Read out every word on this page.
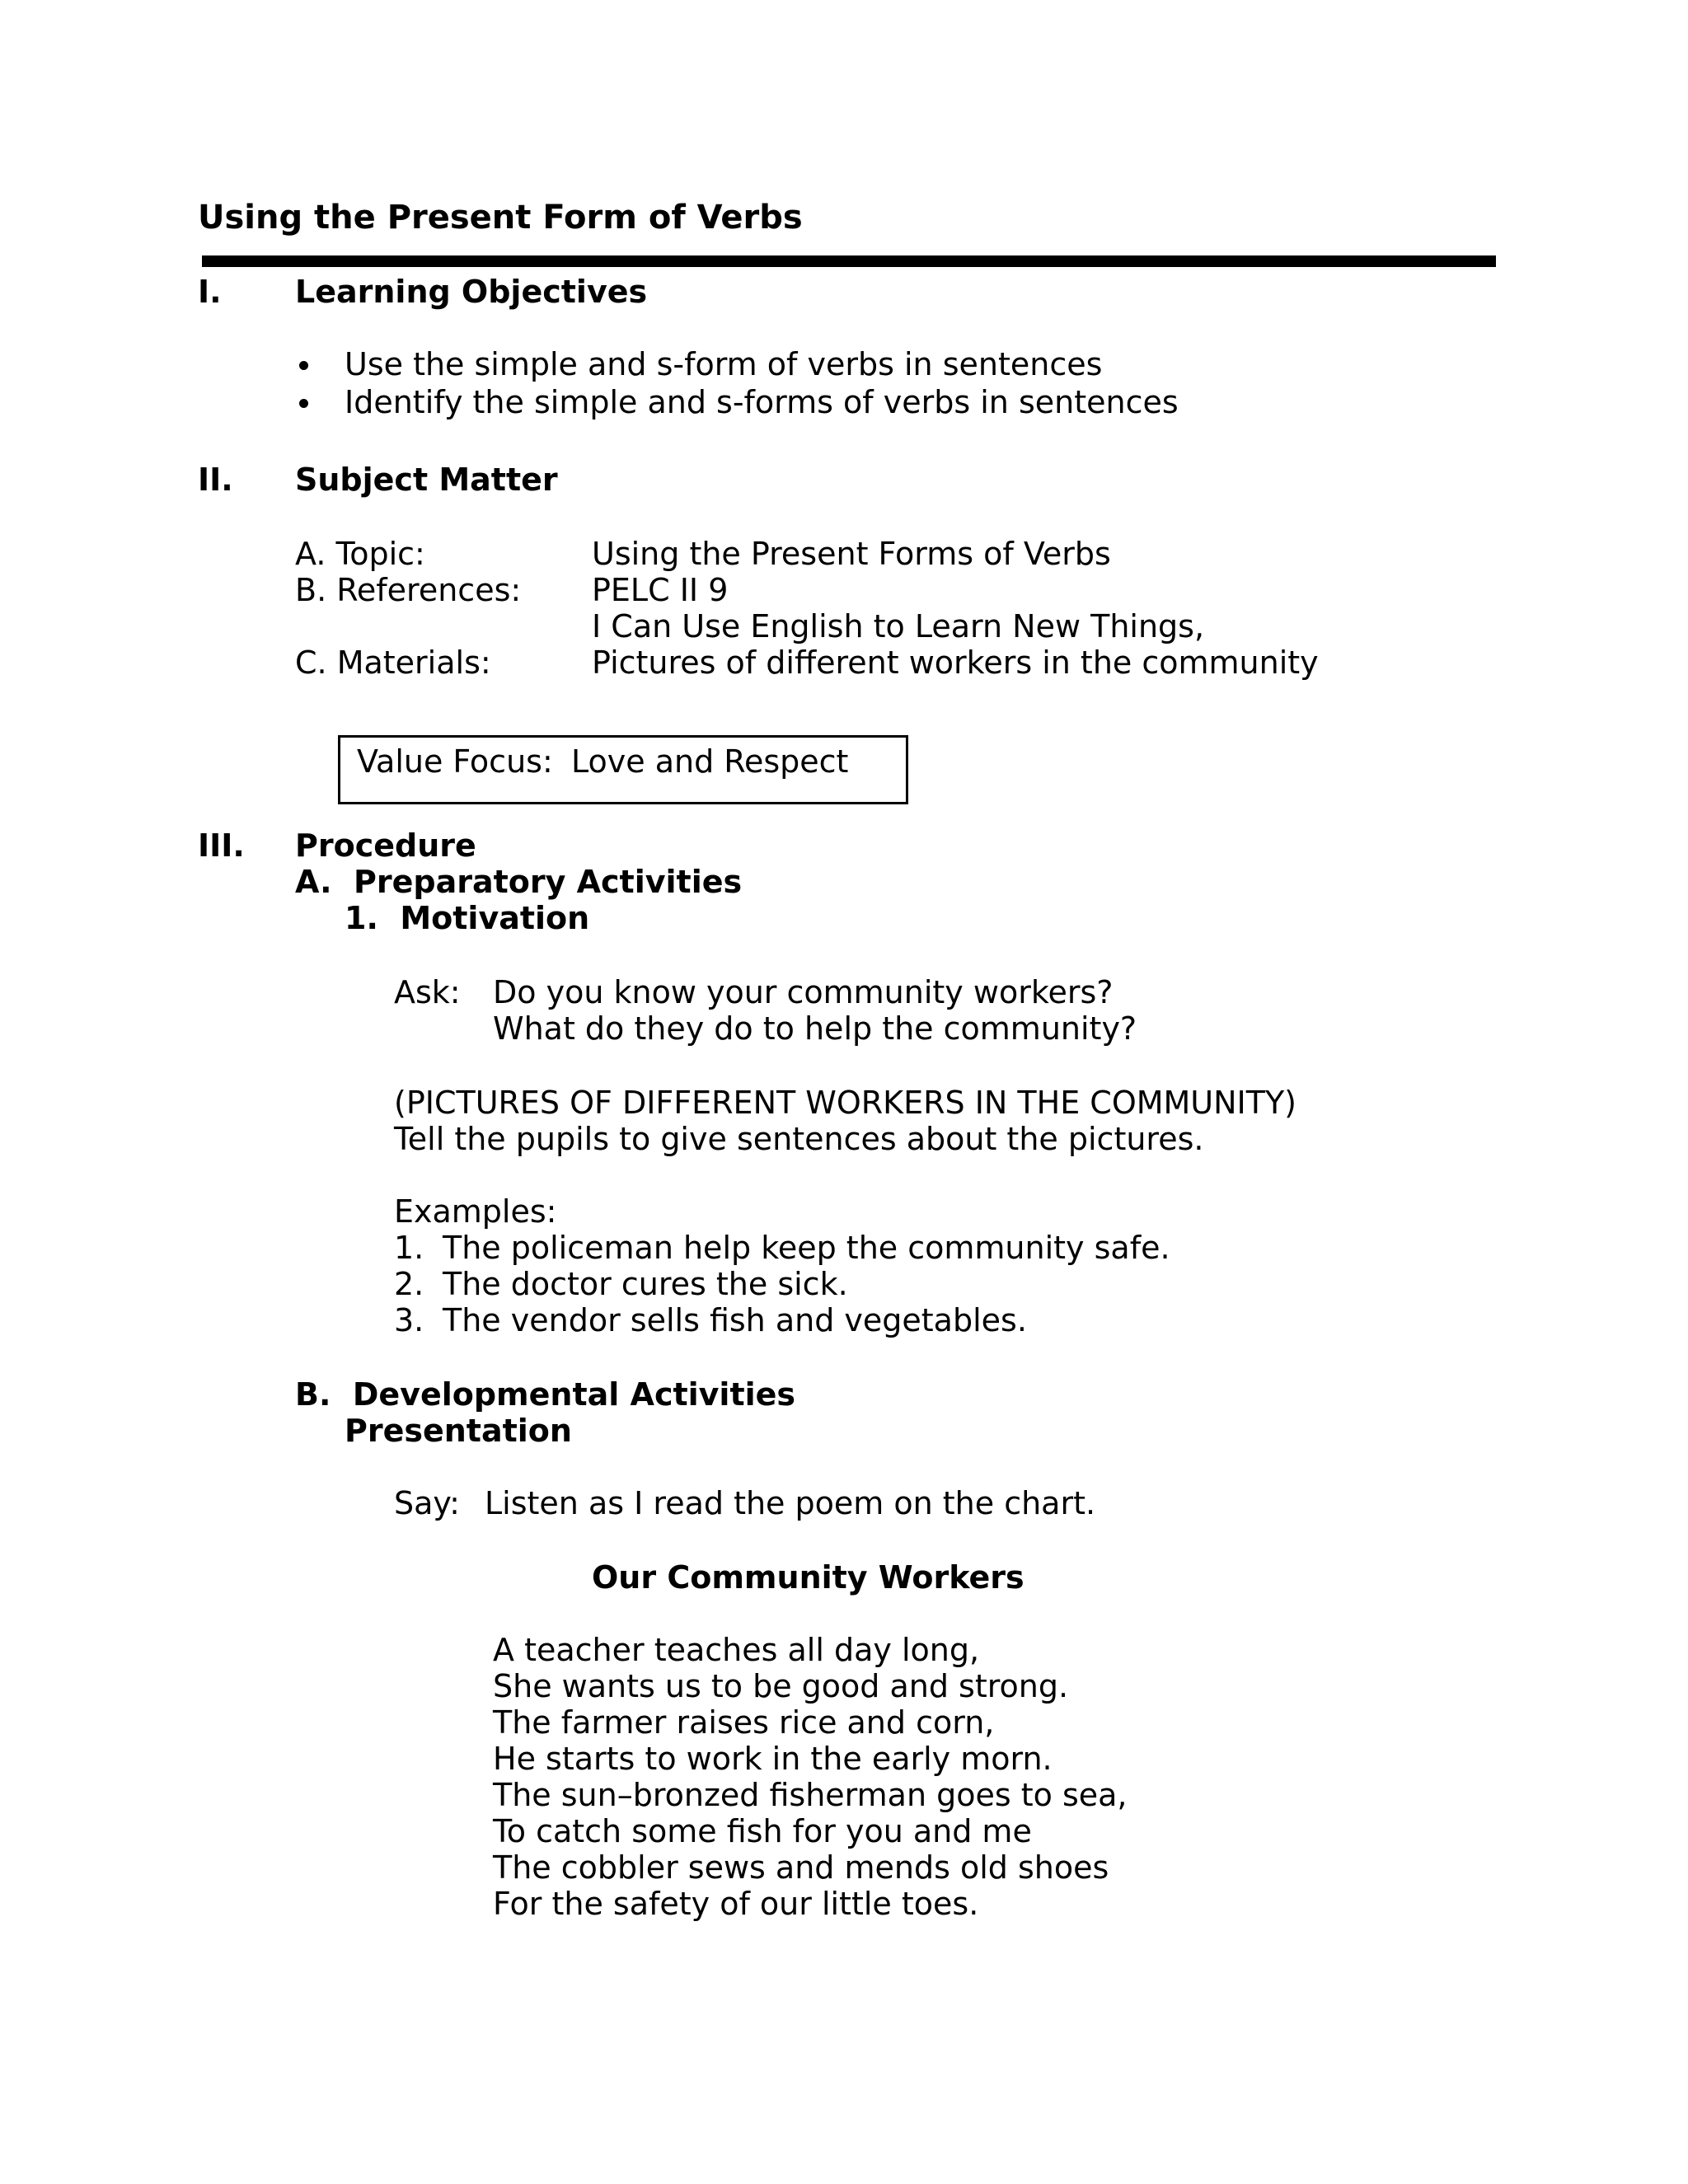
Using the Present Form of Verbs
I. Learning Objectives
Use the simple and s-form of verbs in sentences
Identify the simple and s-forms of verbs in sentences
II. Subject Matter
A. Topic:	Using the Present Forms of Verbs
B. References: PELC II 9
I Can Use English to Learn New Things,
C. Materials:	Pictures of different workers in the community
Value Focus: Love and Respect
III. Procedure
A.  Preparatory Activities
1.  Motivation
Ask: Do you know your community workers?
What do they do to help the community?
(PICTURES OF DIFFERENT WORKERS IN THE COMMUNITY)
Tell the pupils to give sentences about the pictures.
Examples:
1. The policeman help keep the community safe.
2. The doctor cures the sick.
3. The vendor sells fish and vegetables.
B.  Developmental Activities
Presentation
Say: Listen as I read the poem on the chart.
Our Community Workers
A teacher teaches all day long,
She wants us to be good and strong.
The farmer raises rice and corn,
He starts to work in the early morn.
The sun–bronzed fisherman goes to sea,
To catch some fish for you and me
The cobbler sews and mends old shoes
For the safety of our little toes.
